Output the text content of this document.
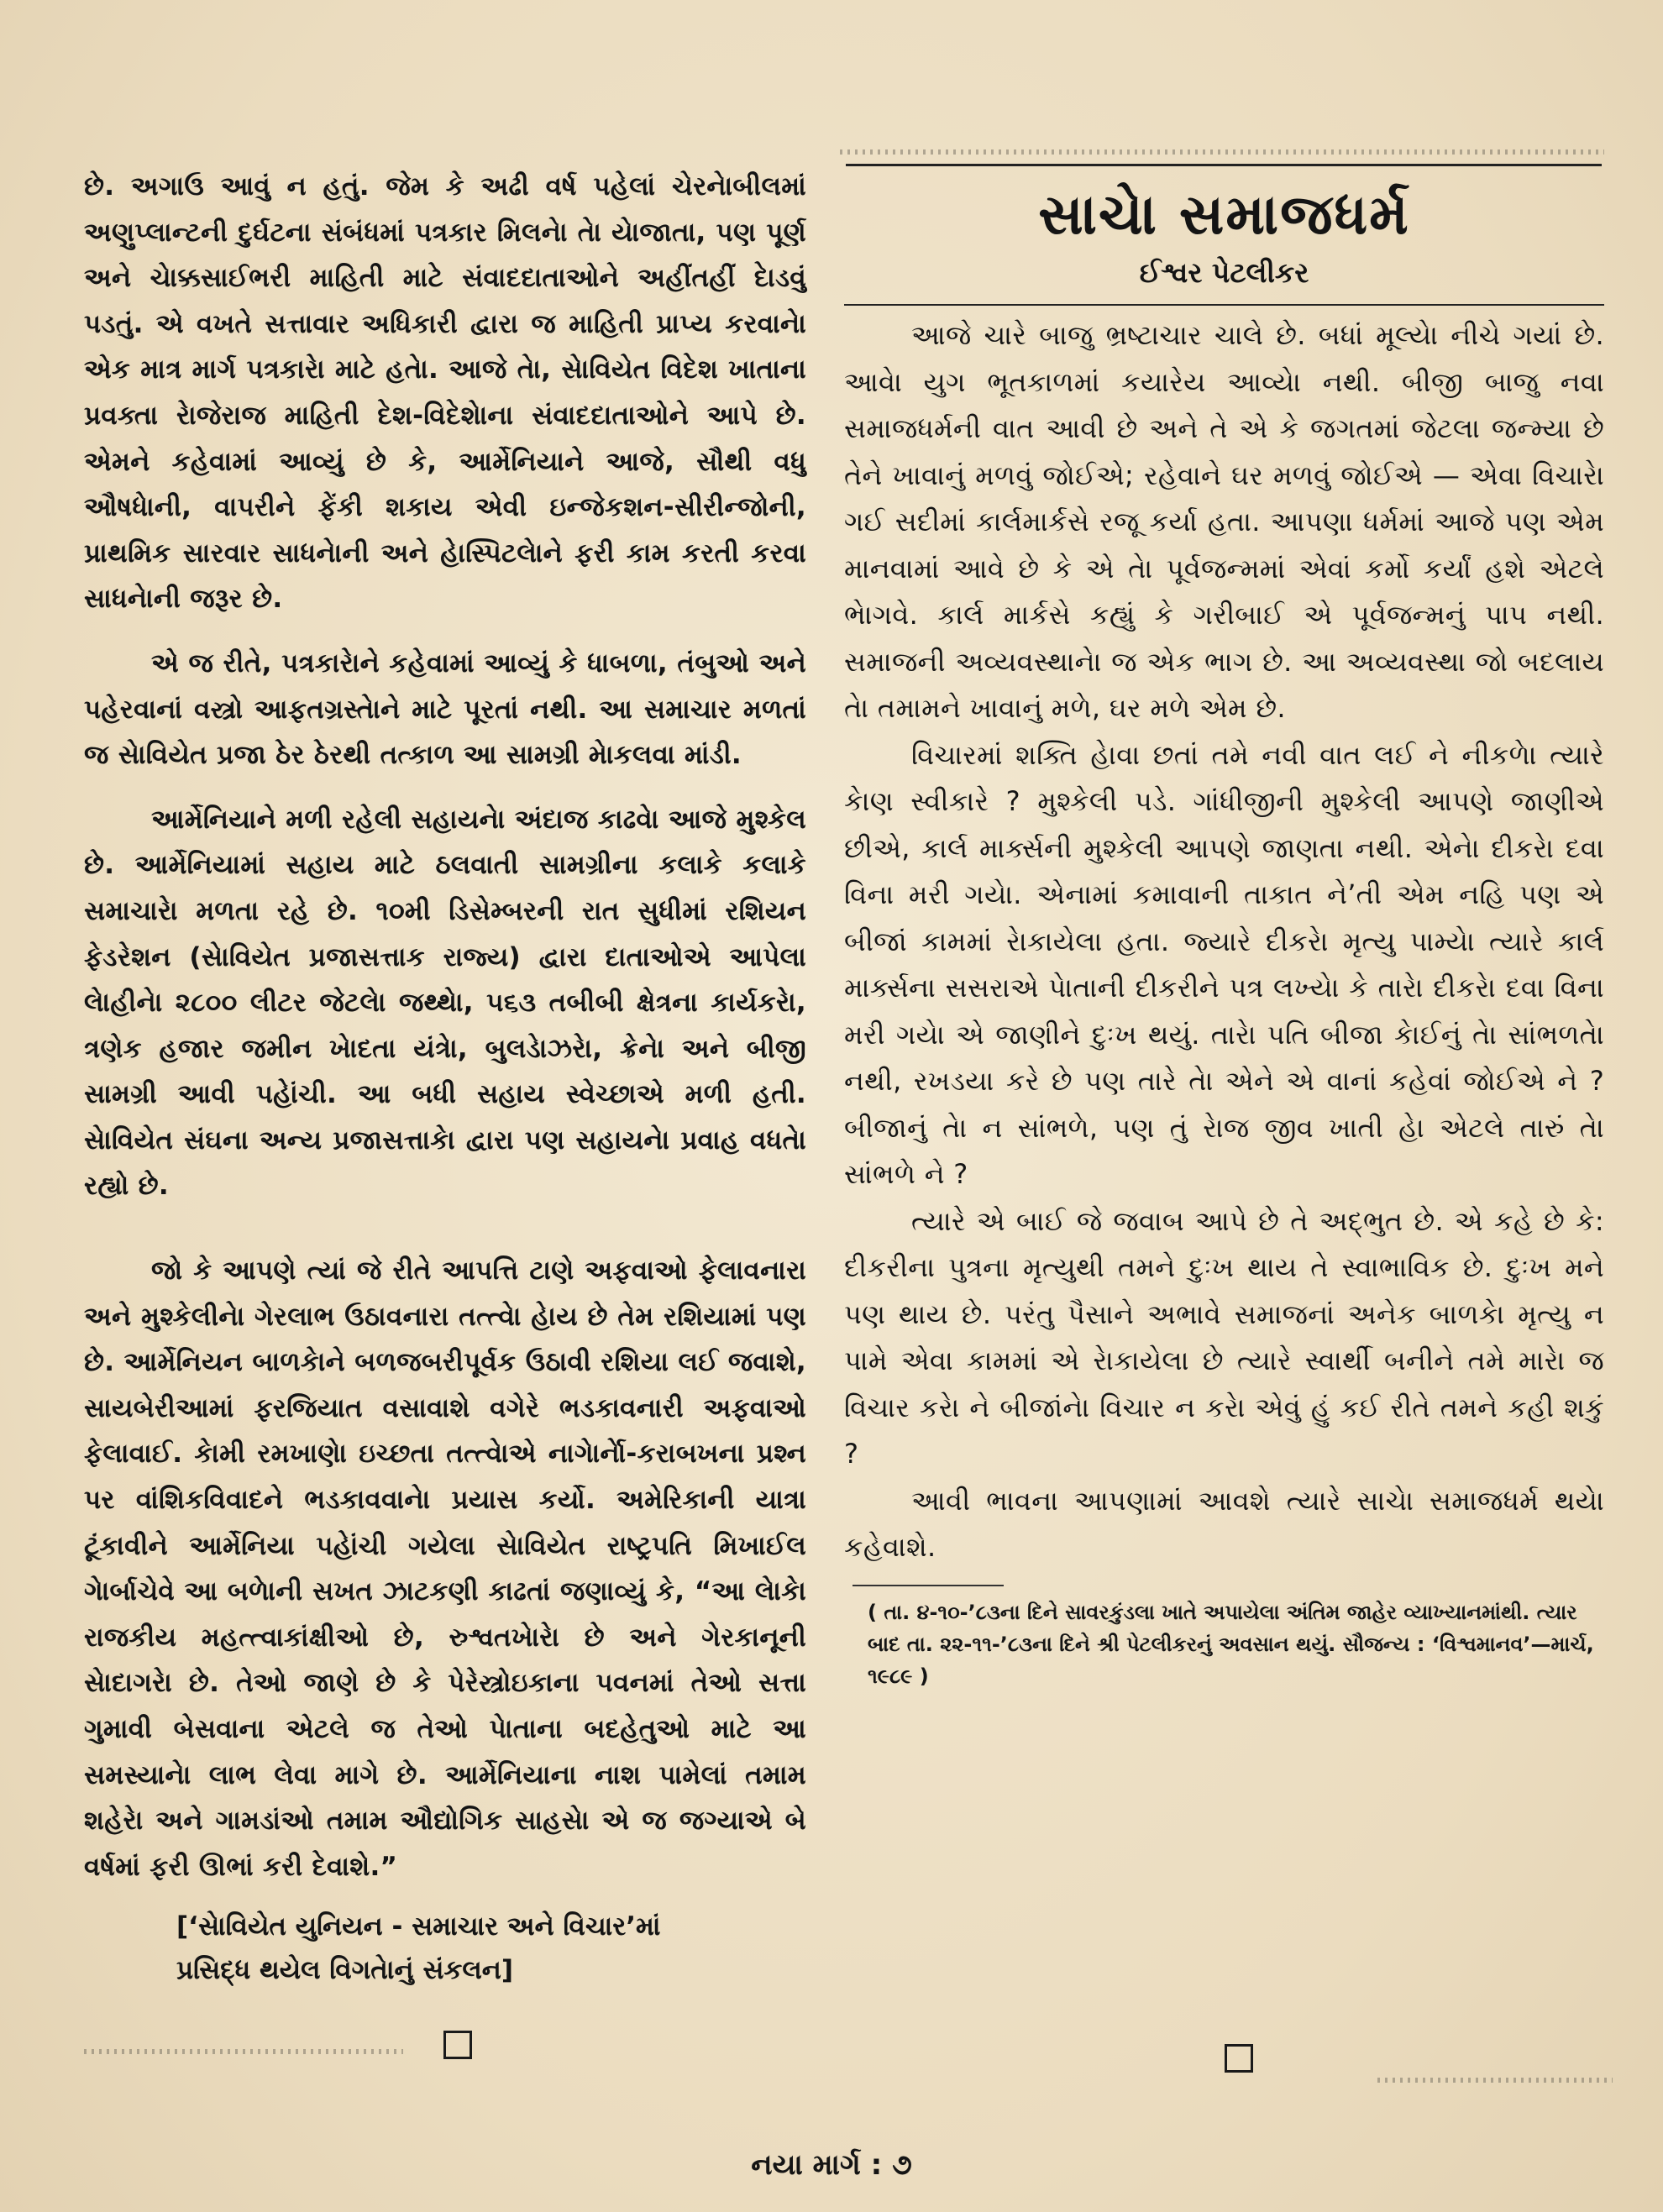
છે. અગાઉ આવું ન હતું. જેમ કે અઢી વર્ષ પહેલાં ચેરનેાબીલમાં અણુપ્લાન્ટની દુર્ઘટના સંબંધમાં પત્રકાર મિલનેા તેા યેાજાતા, પણ પૂર્ણ અને ચેાક્કસાઈભરી માહિતી માટે સંવાદદાતાઓને અહીંતહીં દેાડવું પડતું. એ વખતે સત્તાવાર અધિકારી દ્વારા જ માહિતી પ્રાપ્ય કરવાનેા એક માત્ર માર્ગ પત્રકારેા માટે હતેા. આજે તેા, સેાવિયેત વિદેશ ખાતાના પ્રવક્તા રેાજેરાજ માહિતી દેશ-વિદેશેાના સંવાદદાતાઓને આપે છે. એમને કહેવામાં આવ્યું છે કે, આર્મેનિયાને આજે, સૌથી વધુ ઔષધેાની, વાપરીને ફેંકી શકાય એવી ઇન્જેકશન-સીરીન્જોની, પ્રાથમિક સારવાર સાધનેાની અને હેાસ્પિટલેાને ફરી કામ કરતી કરવા સાધનેાની જરૂર છે.

એ જ રીતે, પત્રકારેાને કહેવામાં આવ્યું કે ધાબળા, તંબુઓ અને પહેરવાનાં વસ્ત્રો આફતગ્રસ્તેાને માટે પૂરતાં નથી. આ સમાચાર મળતાં જ સેાવિયેત પ્રજા ઠેર ઠેરથી તત્કાળ આ સામગ્રી મેાકલવા માંડી.

આર્મેનિયાને મળી રહેલી સહાયનેા અંદાજ કાઢવેા આજે મુશ્કેલ છે. આર્મેનિયામાં સહાય માટે ઠલવાતી સામગ્રીના કલાકે કલાકે સમાચારેા મળતા રહે છે. ૧૦મી ડિસેમ્બરની રાત સુધીમાં રશિયન ફેડરેશન (સેાવિયેત પ્રજાસત્તાક રાજ્ય) દ્વારા દાતાઓએ આપેલા લેાહીનેા ૨૮૦૦ લીટર જેટલેા જથ્થેા, ૫૬૩ તબીબી ક્ષેત્રના કાર્યકરેા, ત્રણેક હજાર જમીન ખેાદતા યંત્રેા, બુલડેાઝરેા, ક્રેનેા અને બીજી સામગ્રી આવી પહેાંચી. આ બધી સહાય સ્વેચ્છાએ મળી હતી. સેાવિયેત સંઘના અન્ય પ્રજાસત્તાકેા દ્વારા પણ સહાયનેા પ્રવાહ વધતેા રહ્યો છે.

જો કે આપણે ત્યાં જે રીતે આપત્તિ ટાણે અફવાઓ ફેલાવનારા અને મુશ્કેલીનેા ગેરલાભ ઉઠાવનારા તત્ત્વેા હેાય છે તેમ રશિયામાં પણ છે. આર્મેનિયન બાળકેાને બળજબરીપૂર્વક ઉઠાવી રશિયા લઈ જવાશે, સાયબેરીઆમાં ફરજિયાત વસાવાશે વગેરે ભડકાવનારી અફવાઓ ફેલાવાઈ. કેામી રમખાણેા ઇચ્છતા તત્ત્વેાએ નાગેાર્નેા-કરાબખના પ્રશ્ન પર વાંશિકવિવાદને ભડકાવવાનેા પ્રયાસ કર્યો. અમેરિકાની યાત્રા ટૂંકાવીને આર્મેનિયા પહેાંચી ગયેલા સેાવિયેત રાષ્ટ્રપતિ મિખાઈલ ગેાર્બાચેવે આ બળેાની સખત ઝાટકણી કાઢતાં જણાવ્યું કે, “આ લેાકેા રાજકીય મહત્ત્વાકાંક્ષીઓ છે, રુશ્વતખેારેા છે અને ગેરકાનૂની સેાદાગરેા છે. તેઓ જાણે છે કે પેરેસ્ત્રોઇકાના પવનમાં તેઓ સત્તા ગુમાવી બેસવાના એટલે જ તેઓ પેાતાના બદહેતુઓ માટે આ સમસ્યાનેા લાભ લેવા માગે છે. આર્મેનિયાના નાશ પામેલાં તમામ શહેરેા અને ગામડાંઓ તમામ ઔદ્યોગિક સાહસેા એ જ જગ્યાએ બે વર્ષમાં ફરી ઊભાં કરી દેવાશે.”

[‘સેાવિયેત યુનિયન - સમાચાર અને વિચાર’માં
પ્રસિદ્ધ થયેલ વિગતેાનું સંકલન]
સાચેા સમાજધર્મ
ઈશ્વર પેટલીકર

આજે ચારે બાજુ ભ્રષ્ટાચાર ચાલે છે. બધાં મૂલ્યેા નીચે ગયાં છે. આવેા યુગ ભૂતકાળમાં કયારેય આવ્યેા નથી. બીજી બાજુ નવા સમાજધર્મની વાત આવી છે અને તે એ કે જગતમાં જેટલા જન્મ્યા છે તેને ખાવાનું મળવું જોઈએ; રહેવાને ઘર મળવું જોઈએ — એવા વિચારેા ગઈ સદીમાં કાર્લમાર્કસે રજૂ કર્યા હતા. આપણા ધર્મમાં આજે પણ એમ માનવામાં આવે છે કે એ તેા પૂર્વજન્મમાં એવાં કર્મો કર્યાં હશે એટલે ભેાગવે. કાર્લ માર્કસે કહ્યું કે ગરીબાઈ એ પૂર્વજન્મનું પાપ નથી. સમાજની અવ્યવસ્થાનેા જ એક ભાગ છે. આ અવ્યવસ્થા જો બદલાય તેા તમામને ખાવાનું મળે, ઘર મળે એમ છે.

વિચારમાં શક્તિ હેાવા છતાં તમે નવી વાત લઈ ને નીકળેા ત્યારે કેાણ સ્વીકારે ? મુશ્કેલી પડે. ગાંધીજીની મુશ્કેલી આપણે જાણીએ છીએ, કાર્લ માર્ક્સની મુશ્કેલી આપણે જાણતા નથી. એનેા દીકરેા દવા વિના મરી ગયેા. એનામાં કમાવાની તાકાત ને’તી એમ નહિ પણ એ બીજાં કામમાં રેાકાયેલા હતા. જ્યારે દીકરેા મૃત્યુ પામ્યેા ત્યારે કાર્લ માર્ક્સના સસરાએ પેાતાની દીકરીને પત્ર લખ્યેા કે તારેા દીકરેા દવા વિના મરી ગયેા એ જાણીને દુઃખ થયું. તારેા પતિ બીજા કેાઈનું તેા સાંભળતેા નથી, રખડયા કરે છે પણ તારે તેા એને એ વાનાં કહેવાં જોઈએ ને ? બીજાનું તેા ન સાંભળે, પણ તું રેાજ જીવ ખાતી હેા એટલે તારું તેા સાંભળે ને ?

ત્યારે એ બાઈ જે જવાબ આપે છે તે અદ્ભુત છે. એ કહે છે કે: દીકરીના પુત્રના મૃત્યુથી તમને દુઃખ થાય તે સ્વાભાવિક છે. દુઃખ મને પણ થાય છે. પરંતુ પૈસાને અભાવે સમાજનાં અનેક બાળકેા મૃત્યુ ન પામે એવા કામમાં એ રેાકાયેલા છે ત્યારે સ્વાર્થી બનીને તમે મારેા જ વિચાર કરેા ને બીજાંનેા વિચાર ન કરેા એવું હું કઈ રીતે તમને કહી શકું ?

આવી ભાવના આપણામાં આવશે ત્યારે સાચેા સમાજધર્મ થયેા કહેવાશે.

( તા. ૪-૧૦-’૮૩ના દિને સાવરકુંડલા ખાતે અપાયેલા અંતિમ જાહેર વ્યાખ્યાનમાંથી. ત્યાર બાદ તા. ૨૨-૧૧-’૮૩ના દિને શ્રી પેટલીકરનું અવસાન થયું. સૌજન્ય : ‘વિશ્વમાનવ’—માર્ચ, ૧૯૮૯ )

નયા માર્ગ : ૭
